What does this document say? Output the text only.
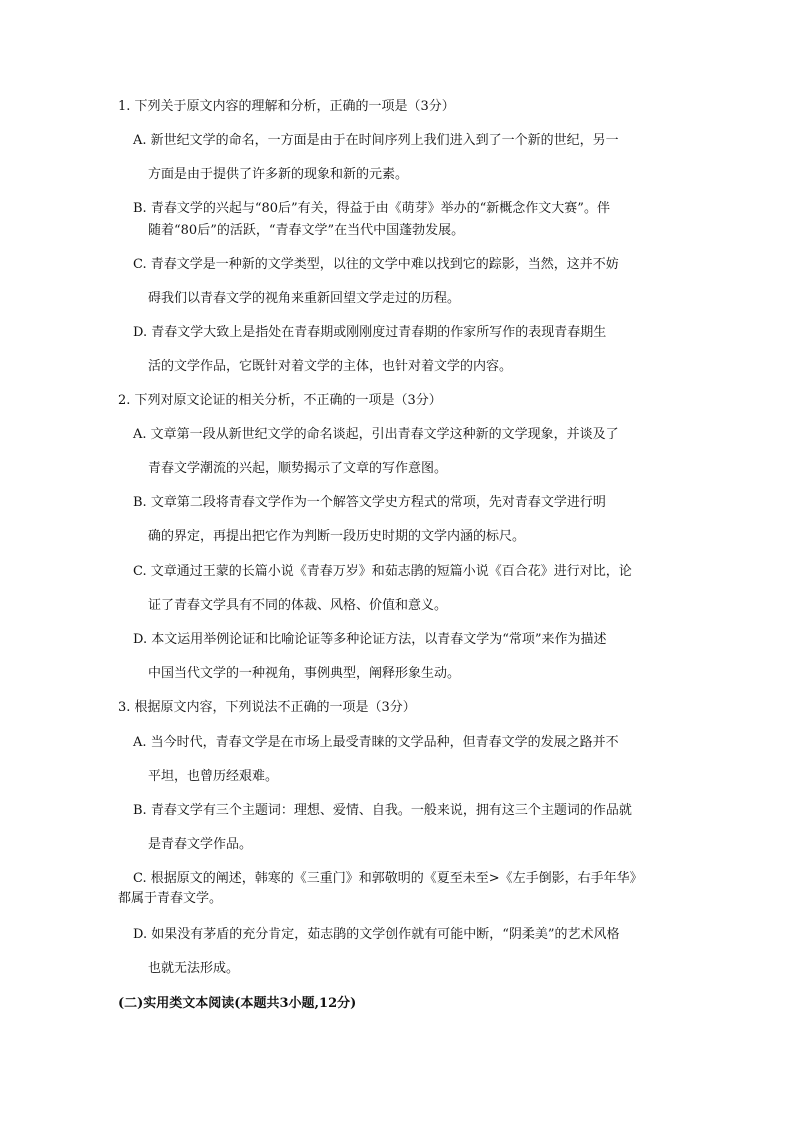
1. 下列关于原文内容的理解和分析，正确的一项是（3分）
A. 新世纪文学的命名，一方面是由于在时间序列上我们进入到了一个新的世纪，另一
方面是由于提供了许多新的现象和新的元素。
B. 青春文学的兴起与“80后”有关，得益于由《萌芽》举办的“新概念作文大赛”。伴
随着“80后”的活跃，“青春文学”在当代中国蓬勃发展。
C. 青春文学是一种新的文学类型，以往的文学中难以找到它的踪影，当然，这并不妨
碍我们以青春文学的视角来重新回望文学走过的历程。
D. 青春文学大致上是指处在青春期或刚刚度过青春期的作家所写作的表现青春期生
活的文学作品，它既针对着文学的主体，也针对着文学的内容。
2. 下列对原文论证的相关分析，不正确的一项是（3分）
A. 文章第一段从新世纪文学的命名谈起，引出青春文学这种新的文学现象，并谈及了
青春文学潮流的兴起，顺势揭示了文章的写作意图。
B. 文章第二段将青春文学作为一个解答文学史方程式的常项，先对青春文学进行明
确的界定，再提出把它作为判断一段历史时期的文学内涵的标尺。
C. 文章通过王蒙的长篇小说《青春万岁》和茹志鹃的短篇小说《百合花》进行对比，论
证了青春文学具有不同的体裁、风格、价值和意义。
D. 本文运用举例论证和比喻论证等多种论证方法，以青春文学为“常项”来作为描述
中国当代文学的一种视角，事例典型，阐释形象生动。
3. 根据原文内容，下列说法不正确的一项是（3分）
A. 当今时代，青春文学是在市场上最受青睐的文学品种，但青春文学的发展之路并不
平坦，也曾历经艰难。
B. 青春文学有三个主题词：理想、爱情、自我。一般来说，拥有这三个主题词的作品就
是青春文学作品。
C. 根据原文的阐述，韩寒的《三重门》和郭敬明的《夏至未至>《左手倒影，右手年华》
都属于青春文学。
D. 如果没有茅盾的充分肯定，茹志鹃的文学创作就有可能中断，“阴柔美”的艺术风格
也就无法形成。
(二)实用类文本阅读(本题共3小题,12分)
